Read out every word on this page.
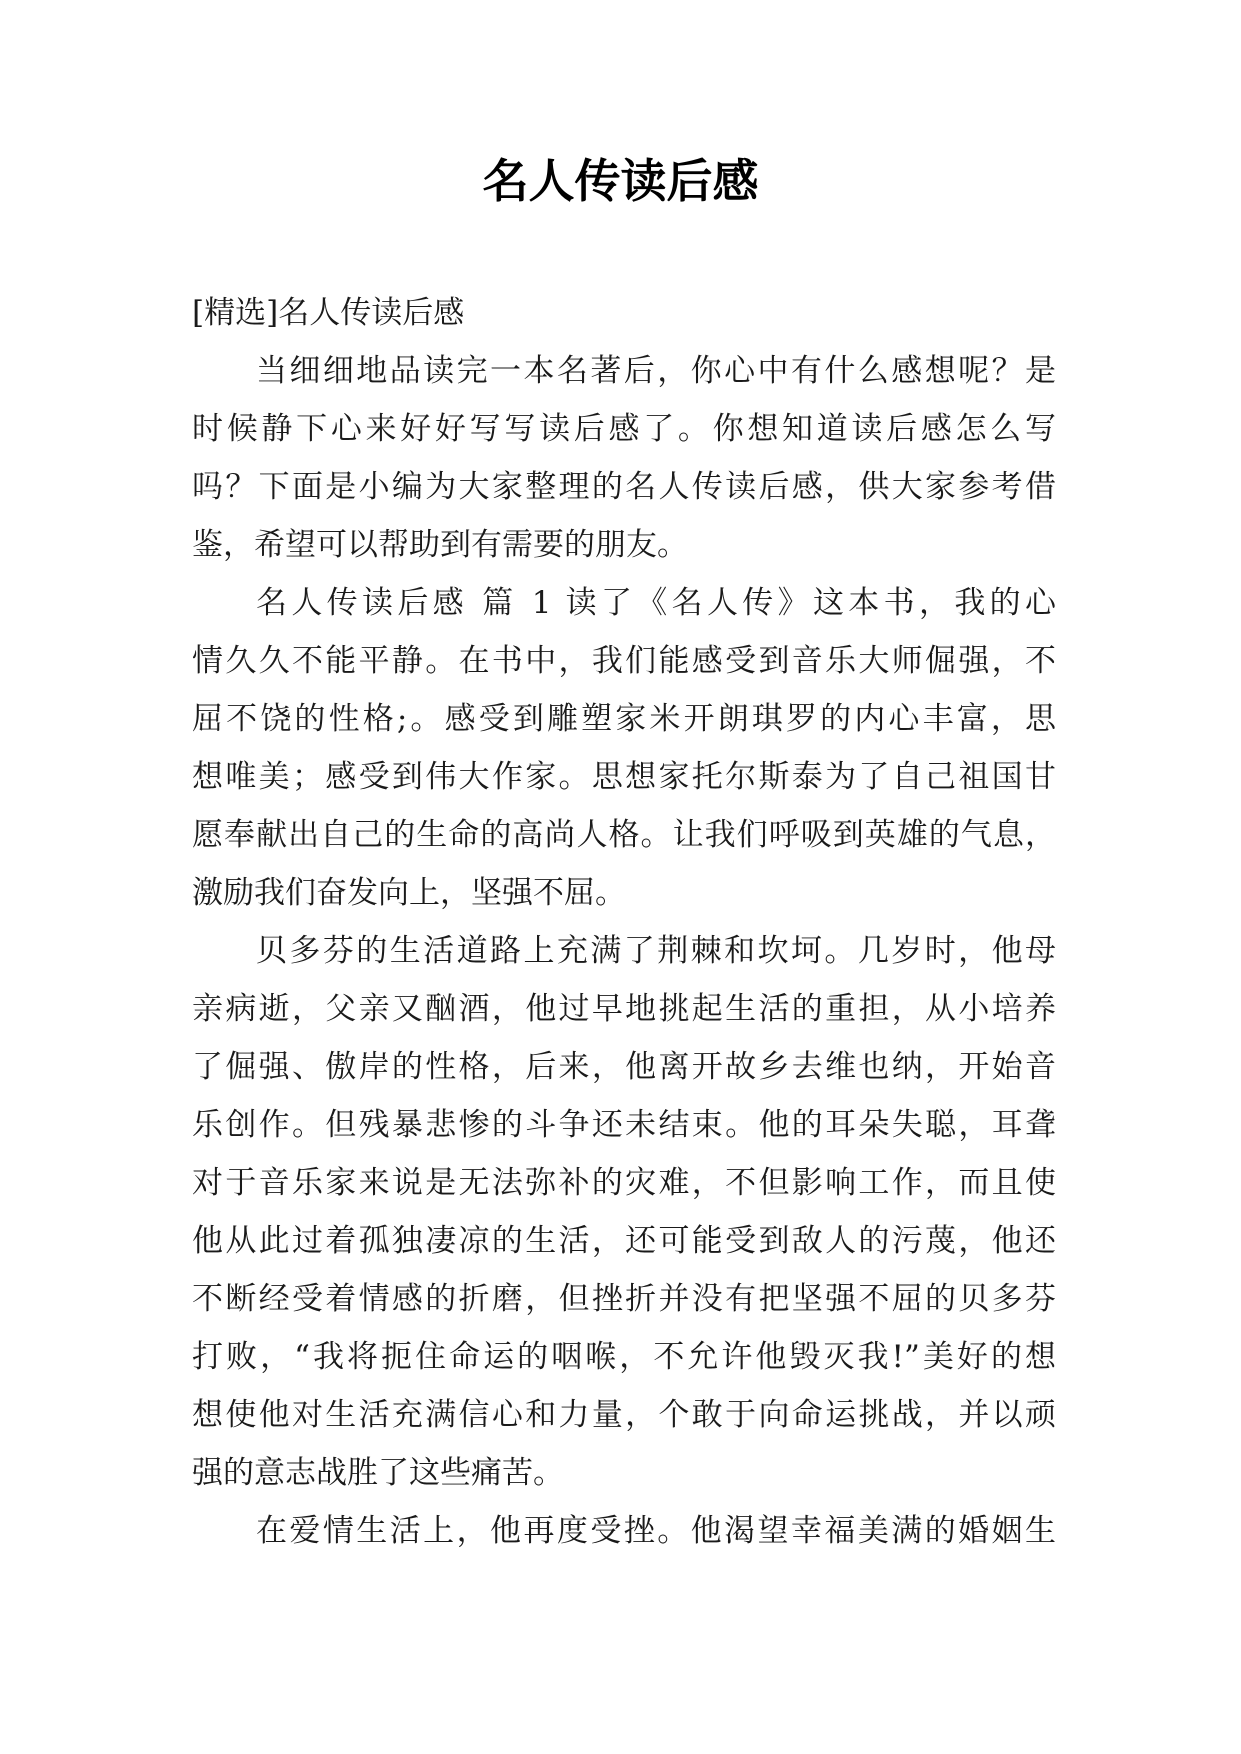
名人传读后感
[精选]名人传读后感
当细细地品读完一本名著后，你心中有什么感想呢？是
时候静下心来好好写写读后感了。你想知道读后感怎么写
吗？下面是小编为大家整理的名人传读后感，供大家参考借
鉴，希望可以帮助到有需要的朋友。
名人传读后感 篇 1 读了《名人传》这本书，我的心
情久久不能平静。在书中，我们能感受到音乐大师倔强，不
屈不饶的性格;。感受到雕塑家米开朗琪罗的内心丰富，思
想唯美；感受到伟大作家。思想家托尔斯泰为了自己祖国甘
愿奉献出自己的生命的高尚人格。让我们呼吸到英雄的气息，
激励我们奋发向上，坚强不屈。
贝多芬的生活道路上充满了荆棘和坎坷。几岁时，他母
亲病逝，父亲又酗酒，他过早地挑起生活的重担，从小培养
了倔强、傲岸的性格，后来，他离开故乡去维也纳，开始音
乐创作。但残暴悲惨的斗争还未结束。他的耳朵失聪，耳聋
对于音乐家来说是无法弥补的灾难，不但影响工作，而且使
他从此过着孤独凄凉的生活，还可能受到敌人的污蔑，他还
不断经受着情感的折磨，但挫折并没有把坚强不屈的贝多芬
打败，“我将扼住命运的咽喉，不允许他毁灭我!”美好的想
想使他对生活充满信心和力量，个敢于向命运挑战，并以顽
强的意志战胜了这些痛苦。
在爱情生活上，他再度受挫。他渴望幸福美满的婚姻生
